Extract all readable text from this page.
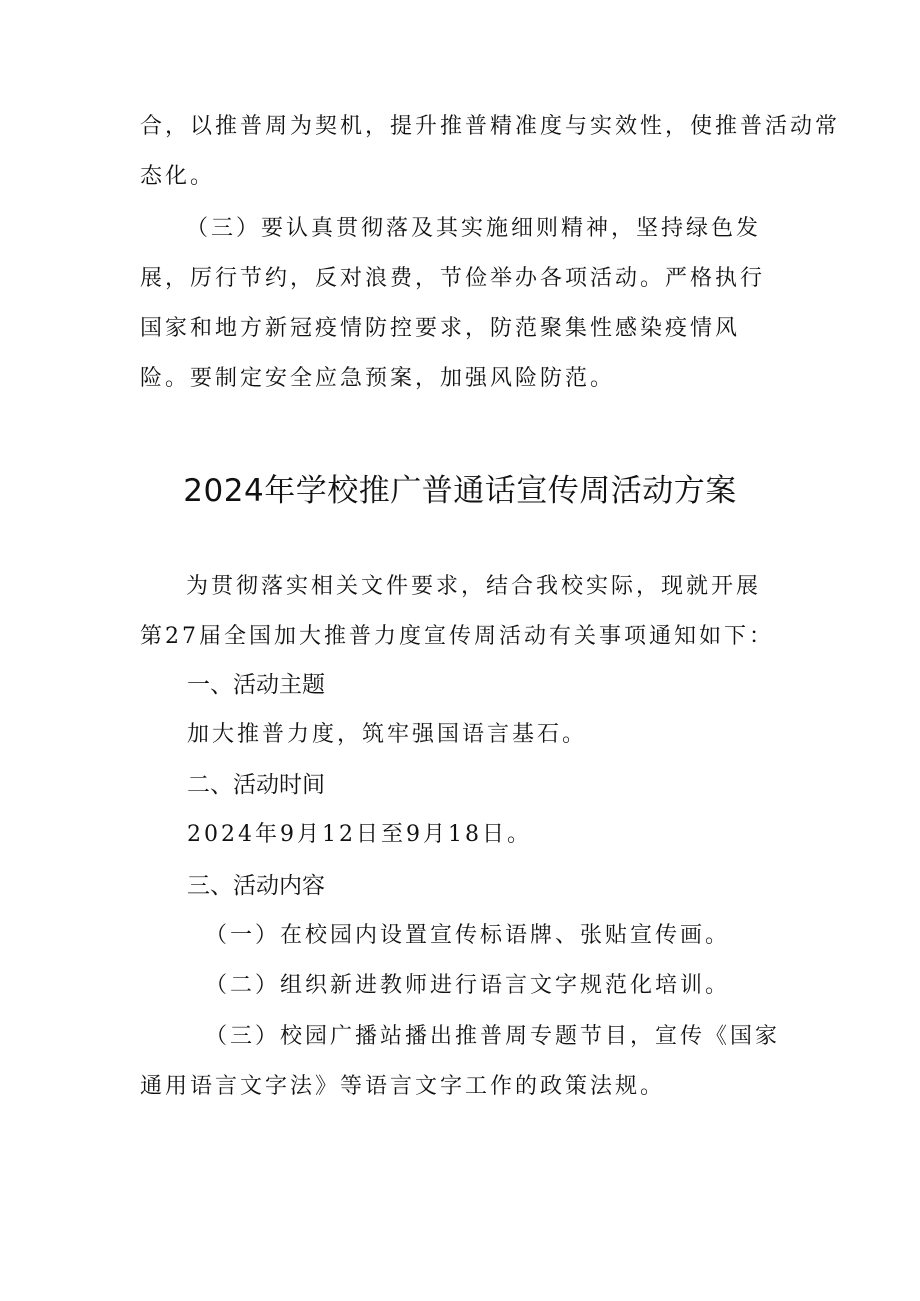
合，以推普周为契机，提升推普精准度与实效性，使推普活动常

态化。

（三）要认真贯彻落及其实施细则精神，坚持绿色发展，厉行节约，反对浪费，节俭举办各项活动。严格执行国家和地方新冠疫情防控要求，防范聚集性感染疫情风险。要制定安全应急预案，加强风险防范。

2024年学校推广普通话宣传周活动方案

为贯彻落实相关文件要求，结合我校实际，现就开展第27届全国加大推普力度宣传周活动有关事项通知如下：

一、活动主题

加大推普力度，筑牢强国语言基石。

二、活动时间

2024年9月12日至9月18日。

三、活动内容

（一）在校园内设置宣传标语牌、张贴宣传画。

（二）组织新进教师进行语言文字规范化培训。

（三）校园广播站播出推普周专题节目，宣传《国家通用语言文字法》等语言文字工作的政策法规。
